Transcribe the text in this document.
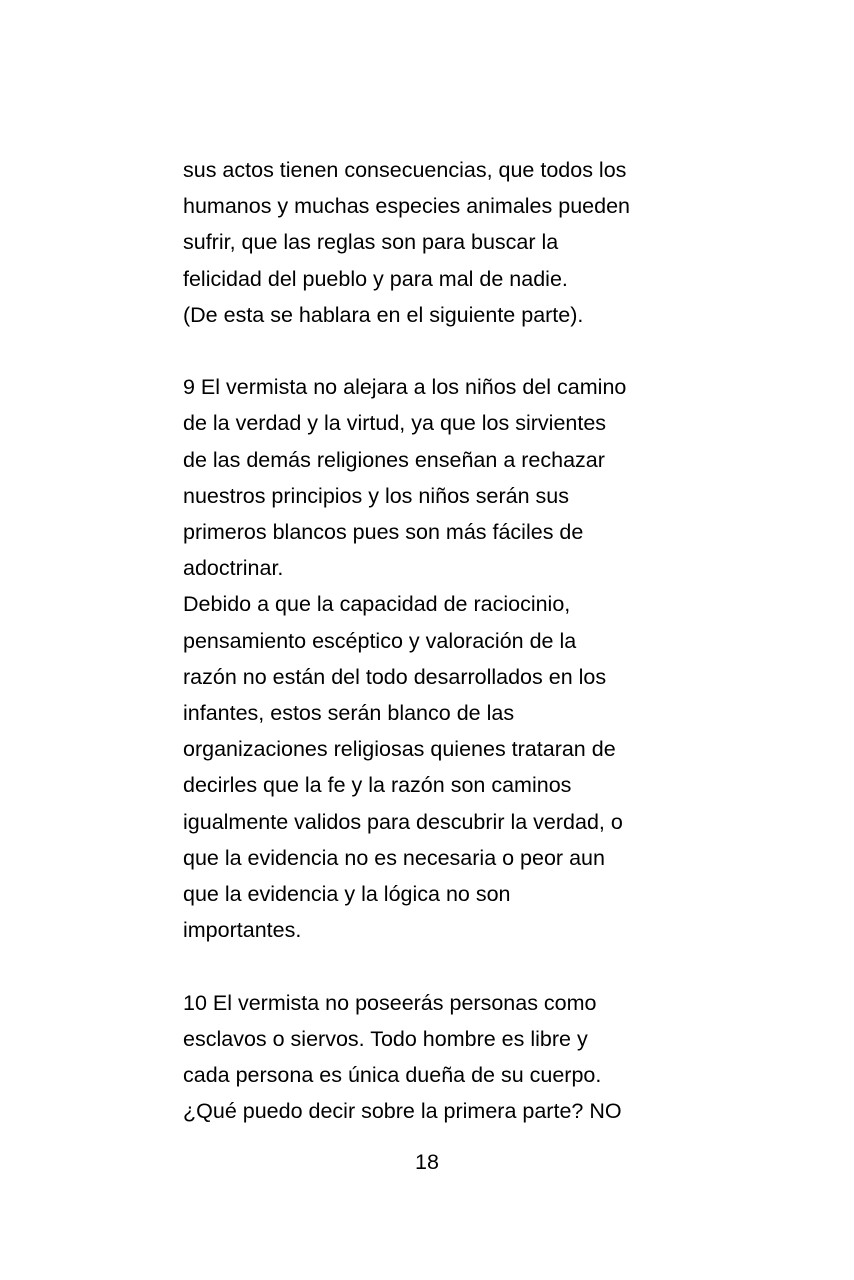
sus actos tienen consecuencias, que todos los
humanos y muchas especies animales pueden
sufrir, que las reglas son para buscar la
felicidad del pueblo y para mal de nadie.
(De esta se hablara en el siguiente parte).
9 El vermista no alejara a los niños del camino
de la verdad y la virtud, ya que los sirvientes
de las demás religiones enseñan a rechazar
nuestros principios y los niños serán sus
primeros blancos pues son más fáciles de
adoctrinar.
Debido a que la capacidad de raciocinio,
pensamiento escéptico y valoración de la
razón no están del todo desarrollados en los
infantes, estos serán blanco de las
organizaciones religiosas quienes trataran de
decirles que la fe y la razón son caminos
igualmente validos para descubrir la verdad, o
que la evidencia no es necesaria o peor aun
que la evidencia y la lógica no son
importantes.
10 El vermista no poseerás personas como
esclavos o siervos. Todo hombre es libre y
cada persona es única dueña de su cuerpo.
¿Qué puedo decir sobre la primera parte? NO
18
